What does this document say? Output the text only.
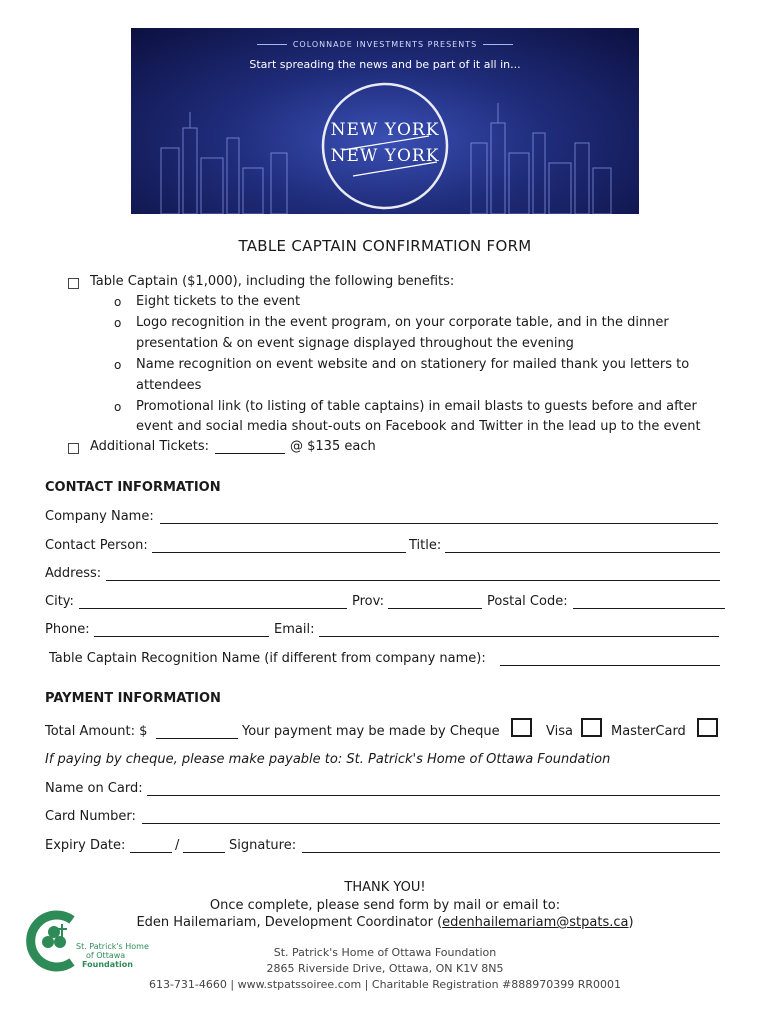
COLONNADE INVESTMENTS PRESENTS
Start spreading the news and be part of it all in...
NEW YORK
NEW YORK
TABLE CAPTAIN CONFIRMATION FORM
Table Captain ($1,000), including the following benefits:
o Eight tickets to the event
o Logo recognition in the event program, on your corporate table, and in the dinner
presentation & on event signage displayed throughout the evening
o Name recognition on event website and on stationery for mailed thank you letters to
attendees
o Promotional link (to listing of table captains) in email blasts to guests before and after
event and social media shout-outs on Facebook and Twitter in the lead up to the event
Additional Tickets:	@ $135 each
CONTACT INFORMATION
Company Name:
Contact Person:	Title:
Address:
City:	Prov:	Postal Code:
Phone:	Email:
Table Captain Recognition Name (if different from company name):
PAYMENT INFORMATION
Total Amount: $	Your payment may be made by Cheque	Visa	MasterCard
If paying by cheque, please make payable to: St. Patrick's Home of Ottawa Foundation
Name on Card:
Card Number:
Expiry Date:	/	Signature:
THANK YOU!
Once complete, please send form by mail or email to:
Eden Hailemariam, Development Coordinator (edenhailemariam@stpats.ca)
St. Patrick's Home
of Ottawa
Foundation
St. Patrick's Home of Ottawa Foundation
2865 Riverside Drive, Ottawa, ON K1V 8N5
613-731-4660 | www.stpatssoiree.com | Charitable Registration #888970399 RR0001
